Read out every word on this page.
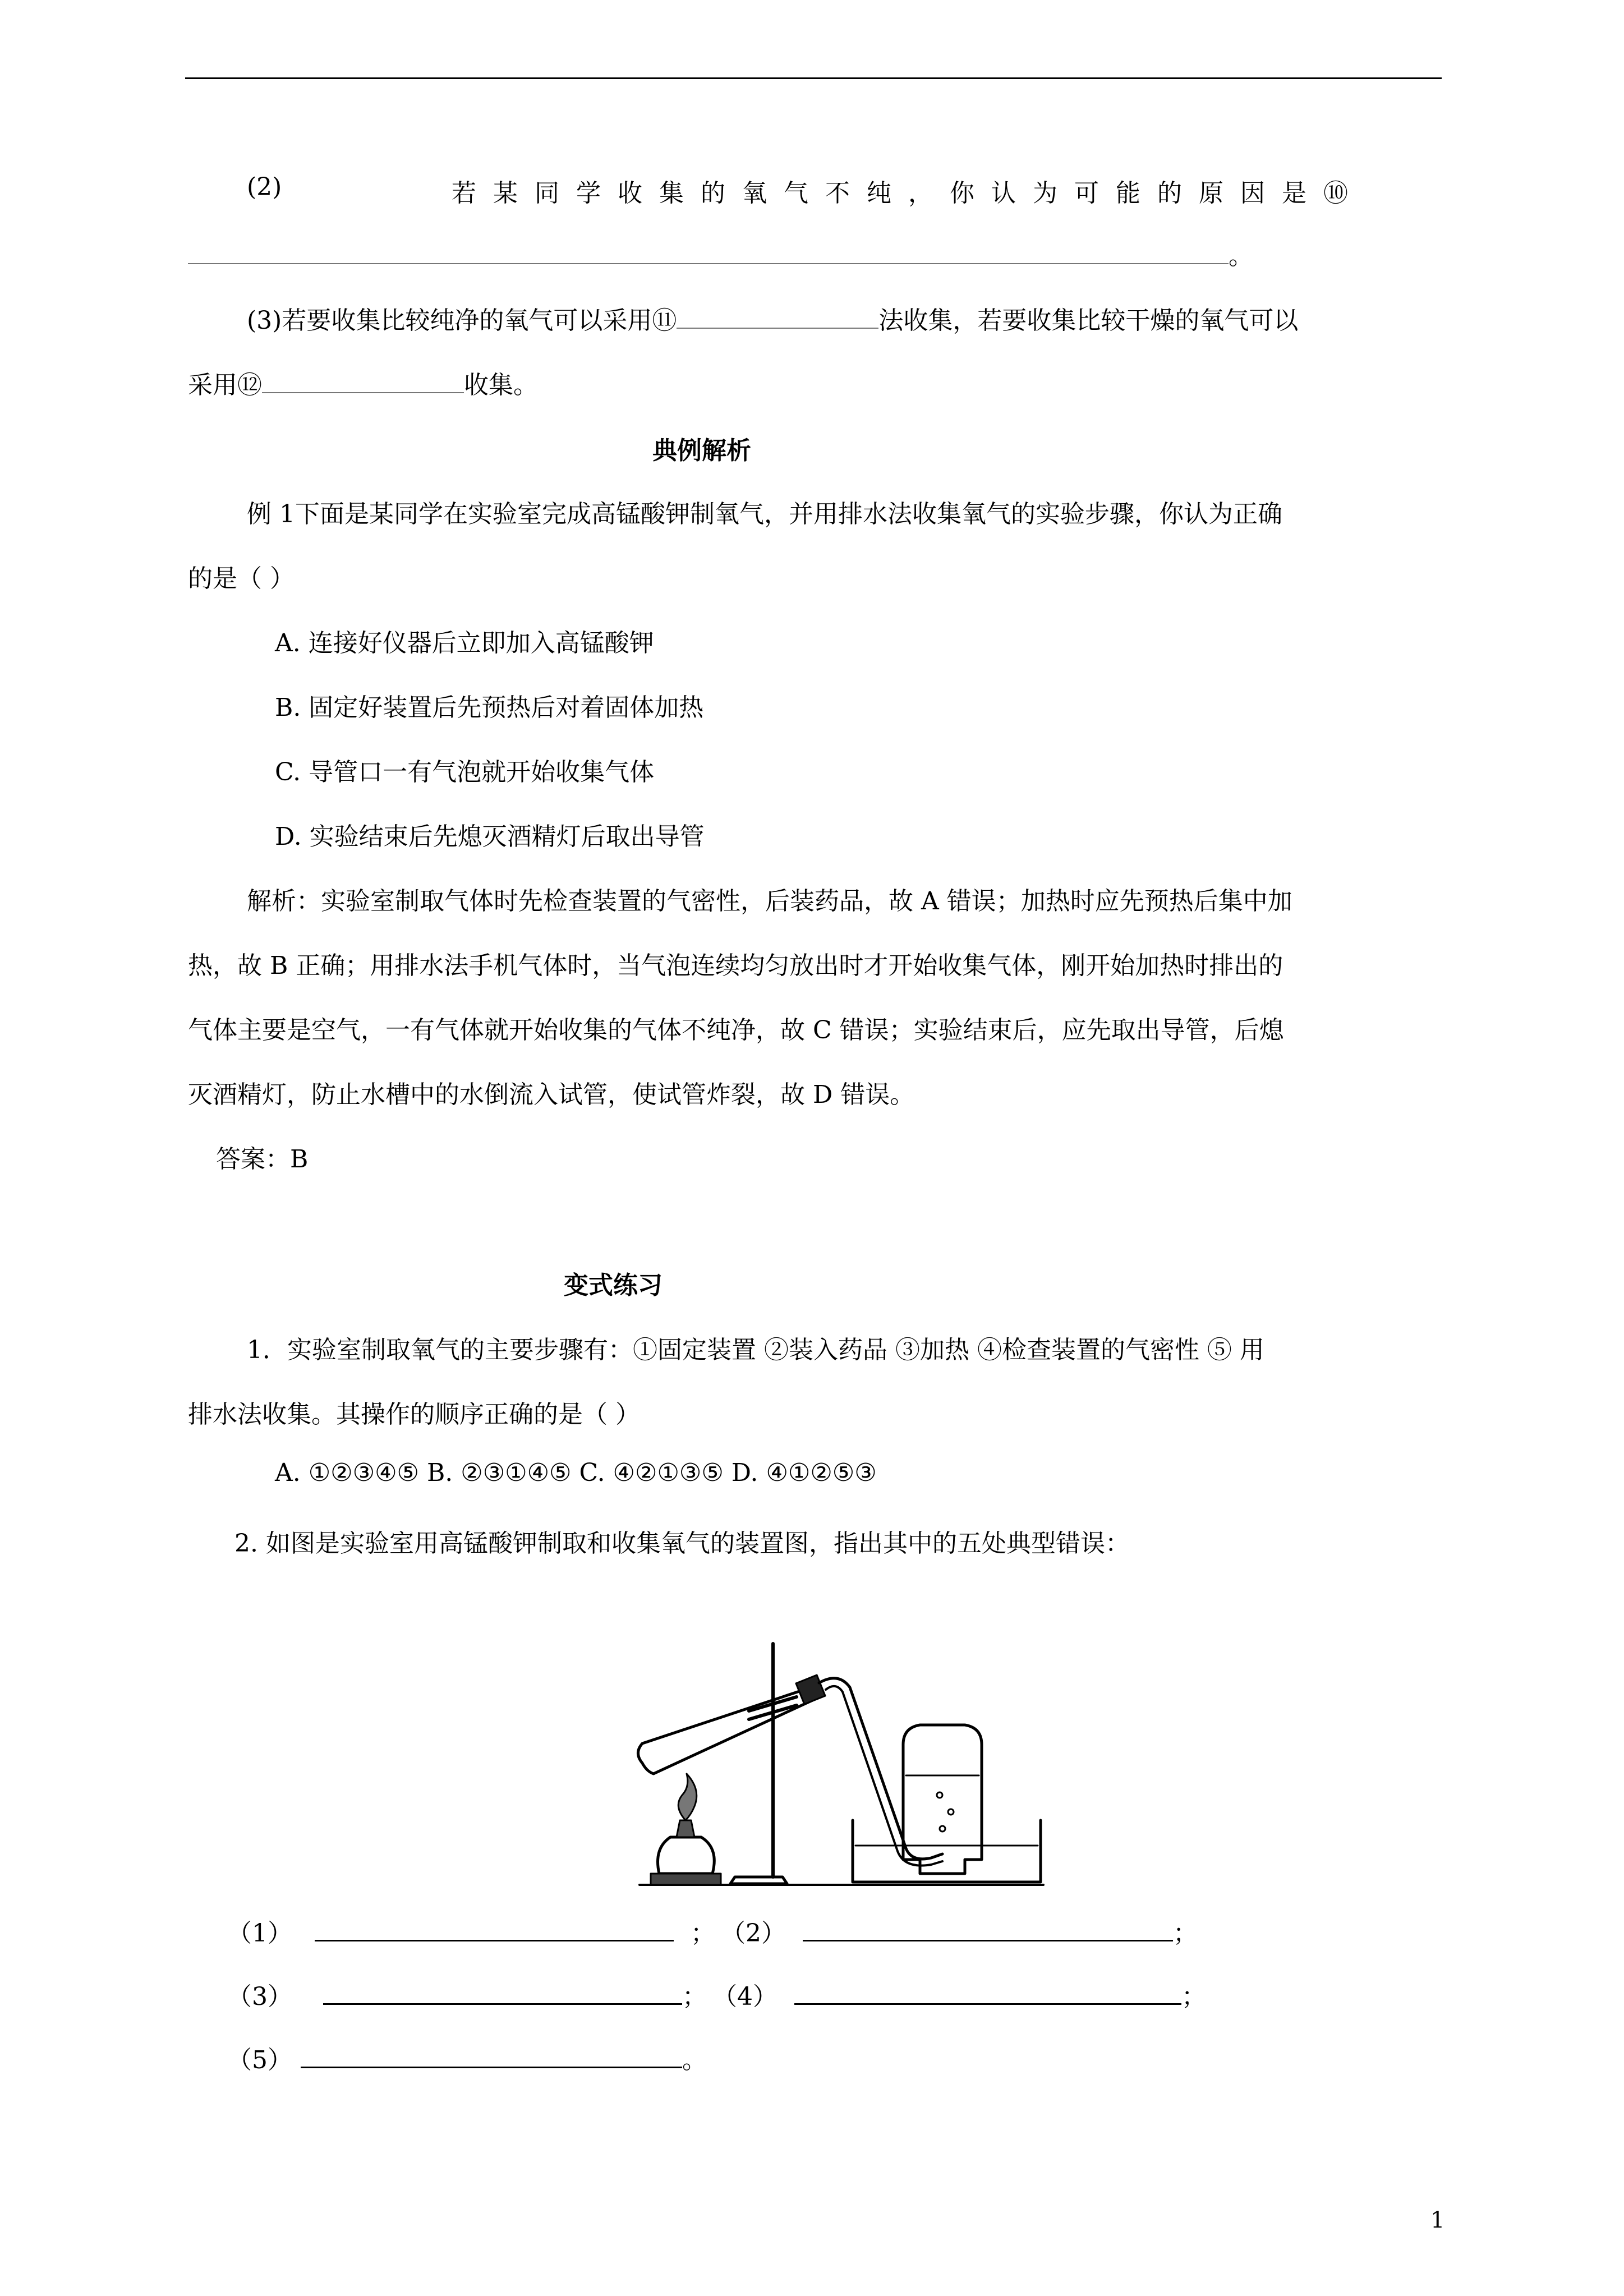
(2)	若某同学收集的氧气不纯，你认为可能的原因是⑩
。
(3)若要收集比较纯净的氧气可以采用⑪	法收集，若要收集比较干燥的氧气可以
采用⑫	收集。
典例解析
例 1下面是某同学在实验室完成高锰酸钾制氧气，并用排水法收集氧气的实验步骤，你认为正确
的是（ ）
A. 连接好仪器后立即加入高锰酸钾
B. 固定好装置后先预热后对着固体加热
C. 导管口一有气泡就开始收集气体
D. 实验结束后先熄灭酒精灯后取出导管
解析：实验室制取气体时先检查装置的气密性，后装药品，故 A 错误；加热时应先预热后集中加
热，故 B 正确；用排水法手机气体时，当气泡连续均匀放出时才开始收集气体，刚开始加热时排出的
气体主要是空气，一有气体就开始收集的气体不纯净，故 C 错误；实验结束后，应先取出导管，后熄
灭酒精灯，防止水槽中的水倒流入试管，使试管炸裂，故 D 错误。
答案：B
变式练习
1．实验室制取氧气的主要步骤有：①固定装置 ②装入药品 ③加热 ④检查装置的气密性 ⑤ 用
排水法收集。其操作的顺序正确的是（ ）
A. ①②③④⑤ B. ②③①④⑤ C. ④②①③⑤ D. ④①②⑤③
2. 如图是实验室用高锰酸钾制取和收集氧气的装置图，指出其中的五处典型错误：
（1）	； （2）	；
（3）	； （4）	；
（5）	。
1
